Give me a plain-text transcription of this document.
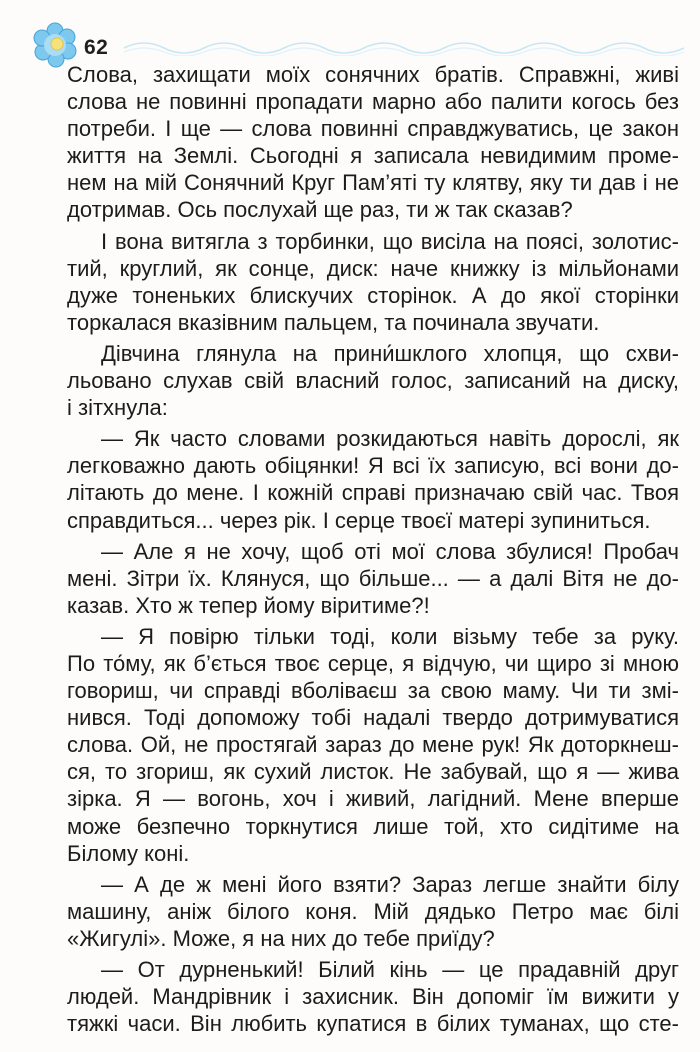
62
Слова, захищати моїх сонячних братів. Справжні, живі
слова не повинні пропадати марно або палити когось без
потреби. І ще — слова повинні справджуватись, це закон
життя на Землі. Сьогодні я записала невидимим проме-
нем на мій Сонячний Круг Пам’яті ту клятву, яку ти дав і не
дотримав. Ось послухай ще раз, ти ж так сказав?
І вона витягла з торбинки, що висіла на поясі, золотис-
тий, круглий, як сонце, диск: наче книжку із мільйонами
дуже тоненьких блискучих сторінок. А до якої сторінки
торкалася вказівним пальцем, та починала звучати.
Дівчина глянула на прини́шклого хлопця, що схви-
льовано слухав свій власний голос, записаний на диску,
і зітхнула:
— Як часто словами розкидаються навіть дорослі, як
легковажно дають обіцянки! Я всі їх записую, всі вони до-
літають до мене. І кожній справі призначаю свій час. Твоя
справдиться... через рік. І серце твоєї матері зупиниться.
— Але я не хочу, щоб оті мої слова збулися! Пробач
мені. Зітри їх. Клянуся, що більше... — а далі Вітя не до-
казав. Хто ж тепер йому віритиме?!
— Я повірю тільки тоді, коли візьму тебе за руку.
По то́му, як б’ється твоє серце, я відчую, чи щиро зі мною
говориш, чи справді вболіваєш за свою маму. Чи ти змі-
нився. Тоді допоможу тобі надалі твердо дотримуватися
слова. Ой, не простягай зараз до мене рук! Як доторкнеш-
ся, то згориш, як сухий листок. Не забувай, що я — жива
зірка. Я — вогонь, хоч і живий, лагідний. Мене вперше
може безпечно торкнутися лише той, хто сидітиме на
Білому коні.
— А де ж мені його взяти? Зараз легше знайти білу
машину, аніж білого коня. Мій дядько Петро має білі
«Жигулі». Може, я на них до тебе приїду?
— От дурненький! Білий кінь — це прадавній друг
людей. Мандрівник і захисник. Він допоміг їм вижити у
тяжкі часи. Він любить купатися в білих туманах, що сте-
